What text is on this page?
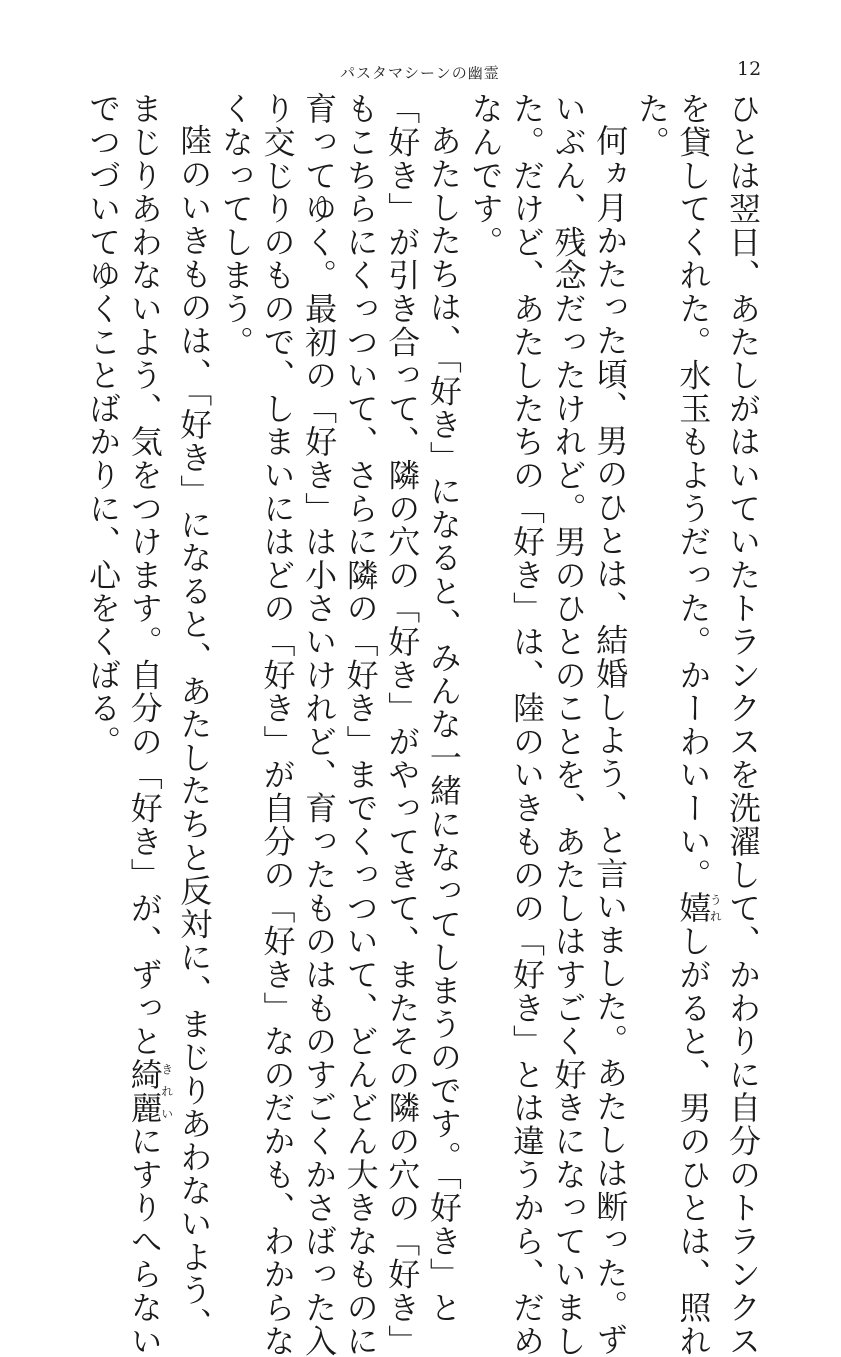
パスタマシーンの幽霊	12
ひとは翌日、あたしがはいていたトランクスを洗濯して、かわりに自分のトランクス
を貸してくれた。水玉もようだった。かーわいーい。嬉うれしがると、男のひとは、照れ
た。
何ヵ月かたった頃、男のひとは、結婚しよう、と言いました。あたしは断った。ず
いぶん、残念だったけれど。男のひとのことを、あたしはすごく好きになっていまし
た。だけど、あたしたちの「好き」は、陸のいきものの「好き」とは違うから、だめ
なんです。
あたしたちは、「好き」になると、みんな一緒になってしまうのです。「好き」と
「好き」が引き合って、隣の穴の「好き」がやってきて、またその隣の穴の「好き」
もこちらにくっついて、さらに隣の「好き」までくっついて、どんどん大きなものに
育ってゆく。最初の「好き」は小さいけれど、育ったものはものすごくかさばった入
り交じりのもので、しまいにはどの「好き」が自分の「好き」なのだかも、わからな
くなってしまう。
陸のいきものは、「好き」になると、あたしたちと反対に、まじりあわないよう、
まじりあわないよう、気をつけます。自分の「好き」が、ずっと綺麗きれいにすりへらない
でつづいてゆくことばかりに、心をくばる。
